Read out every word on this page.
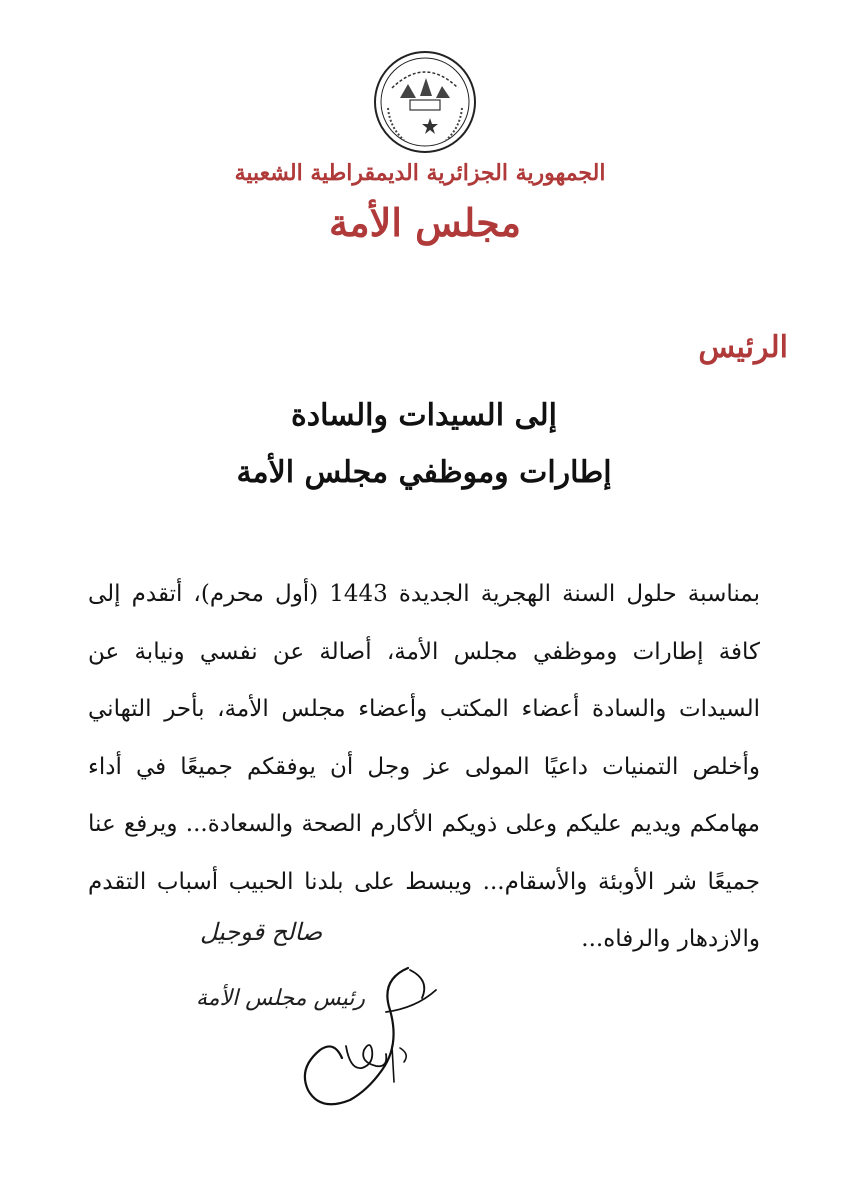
الجمهورية الجزائرية الديمقراطية الشعبية
مجلس الأمة
الرئيس
إلى السيدات والسادة
إطارات وموظفي مجلس الأمة

بمناسبة حلول السنة الهجرية الجديدة 1443 (أول محرم)، أتقدم إلى كافة إطارات وموظفي مجلس الأمة، أصالة عن نفسي ونيابة عن السيدات والسادة أعضاء المكتب وأعضاء مجلس الأمة، بأحر التهاني وأخلص التمنيات داعيًا المولى عز وجل أن يوفقكم جميعًا في أداء مهامكم ويديم عليكم وعلى ذويكم الأكارم الصحة والسعادة... ويرفع عنا جميعًا شر الأوبئة والأسقام... ويبسط على بلدنا الحبيب أسباب التقدم والازدهار والرفاه...

صالح قوجيل
رئيس مجلس الأمة
